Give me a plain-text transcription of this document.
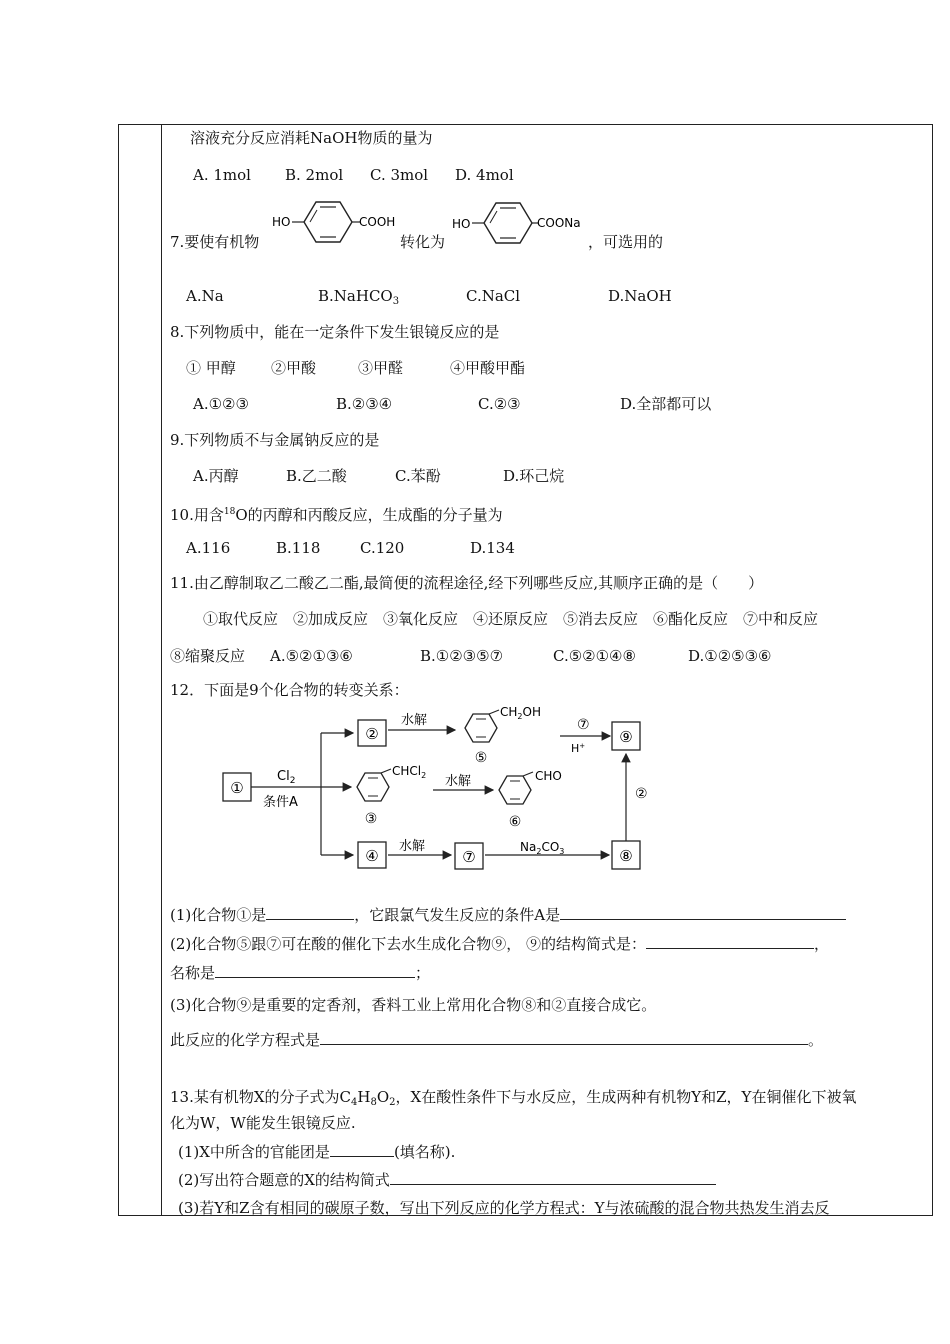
溶液充分反应消耗NaOH物质的量为
A. 1mol B. 2mol C. 3mol D. 4mol
7.要使有机物
HO	COOH
转化为
HO	COONa
，可选用的
A.Na	B.NaHCO$_3$	C.NaCl	D.NaOH
8.下列物质中，能在一定条件下发生银镜反应的是
① 甲醇 ②甲酸	③甲醛	④甲酸甲酯
A.①②③	B.②③④	C.②③	D.全部都可以
9.下列物质不与金属钠反应的是
A.丙醇	B.乙二酸	C.苯酚	D.环己烷
10.用含$^{18}$O的丙醇和丙酸反应，生成酯的分子量为
A.116	B.118	C.120	D.134
11.由乙醇制取乙二酸乙二酯,最简便的流程途径,经下列哪些反应,其顺序正确的是（　　）
①取代反应　②加成反应　③氧化反应　④还原反应　⑤消去反应　⑥酯化反应　⑦中和反应
⑧缩聚反应 A.⑤②①③⑥	B.①②③⑤⑦	C.⑤②①④⑧	D.①②⑤③⑥
12．下面是9个化合物的转变关系：
①
$Cl_2$
条件A
②
水解
$CH_2OH$
⑤
⑦
H+ ⑨
CHCl$_2$
③
水解	CHO
⑥
④
水解
⑦
$Na_2CO_3$	⑧
②
(1)化合物①是	，它跟氯气发生反应的条件A是
(2)化合物⑤跟⑦可在酸的催化下去水生成化合物⑨， ⑨的结构简式是：	，
名称是	；
(3)化合物⑨是重要的定香剂，香料工业上常用化合物⑧和②直接合成它。
此反应的化学方程式是	。
13.某有机物X的分子式为$C_4H_8O_2$，X在酸性条件下与水反应，生成两种有机物Y和Z，Y在铜催化下被氧
化为W，W能发生银镜反应.
(1)X中所含的官能团是	(填名称).
(2)写出符合题意的X的结构简式
(3)若Y和Z含有相同的碳原子数，写出下列反应的化学方程式：Y与浓硫酸的混合物共热发生消去反
